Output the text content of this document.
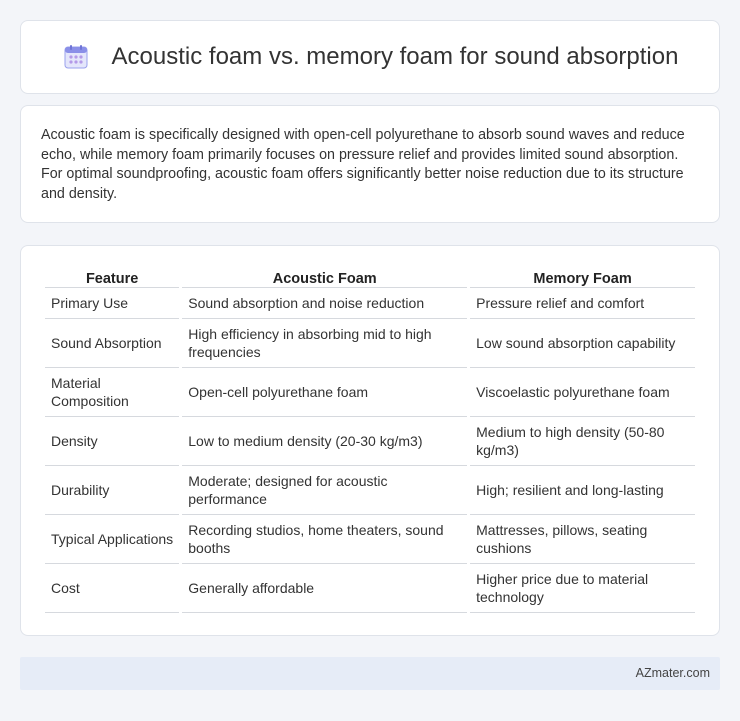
Acoustic foam vs. memory foam for sound absorption

Acoustic foam is specifically designed with open-cell polyurethane to absorb sound waves and reduce echo, while memory foam primarily focuses on pressure relief and provides limited sound absorption. For optimal soundproofing, acoustic foam offers significantly better noise reduction due to its structure and density.

Feature	Acoustic Foam	Memory Foam
Primary Use	Sound absorption and noise reduction	Pressure relief and comfort
Sound Absorption	High efficiency in absorbing mid to high frequencies	Low sound absorption capability
Material Composition	Open-cell polyurethane foam	Viscoelastic polyurethane foam
Density	Low to medium density (20-30 kg/m3)	Medium to high density (50-80 kg/m3)
Durability	Moderate; designed for acoustic performance	High; resilient and long-lasting
Typical Applications	Recording studios, home theaters, sound booths	Mattresses, pillows, seating cushions
Cost	Generally affordable	Higher price due to material technology
AZmater.com
